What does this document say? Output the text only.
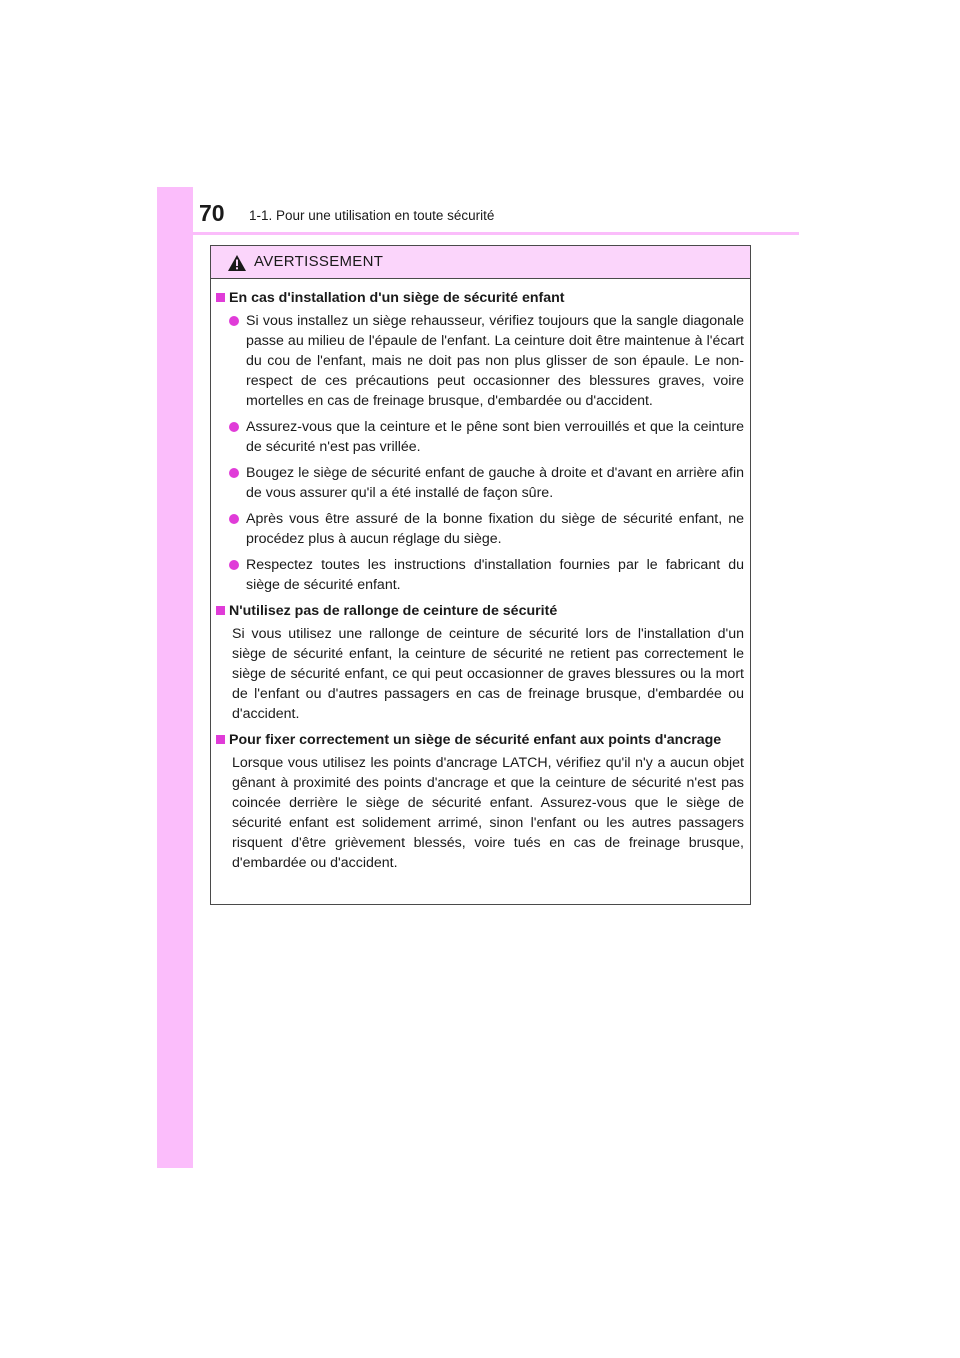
70 1-1. Pour une utilisation en toute sécurité
AVERTISSEMENT
En cas d'installation d'un siège de sécurité enfant
Si vous installez un siège rehausseur, vérifiez toujours que la sangle diagonale passe au milieu de l'épaule de l'enfant. La ceinture doit être maintenue à l'écart du cou de l'enfant, mais ne doit pas non plus glisser de son épaule. Le non-respect de ces précautions peut occasionner des blessures graves, voire mortelles en cas de freinage brusque, d'embardée ou d'accident.
Assurez-vous que la ceinture et le pêne sont bien verrouillés et que la ceinture de sécurité n'est pas vrillée.
Bougez le siège de sécurité enfant de gauche à droite et d'avant en arrière afin de vous assurer qu'il a été installé de façon sûre.
Après vous être assuré de la bonne fixation du siège de sécurité enfant, ne procédez plus à aucun réglage du siège.
Respectez toutes les instructions d'installation fournies par le fabricant du siège de sécurité enfant.
N'utilisez pas de rallonge de ceinture de sécurité
Si vous utilisez une rallonge de ceinture de sécurité lors de l'installation d'un siège de sécurité enfant, la ceinture de sécurité ne retient pas correctement le siège de sécurité enfant, ce qui peut occasionner de graves blessures ou la mort de l'enfant ou d'autres passagers en cas de freinage brusque, d'embardée ou d'accident.
Pour fixer correctement un siège de sécurité enfant aux points d'ancrage
Lorsque vous utilisez les points d'ancrage LATCH, vérifiez qu'il n'y a aucun objet gênant à proximité des points d'ancrage et que la ceinture de sécurité n'est pas coincée derrière le siège de sécurité enfant. Assurez-vous que le siège de sécurité enfant est solidement arrimé, sinon l'enfant ou les autres passagers risquent d'être grièvement blessés, voire tués en cas de freinage brusque, d'embardée ou d'accident.
